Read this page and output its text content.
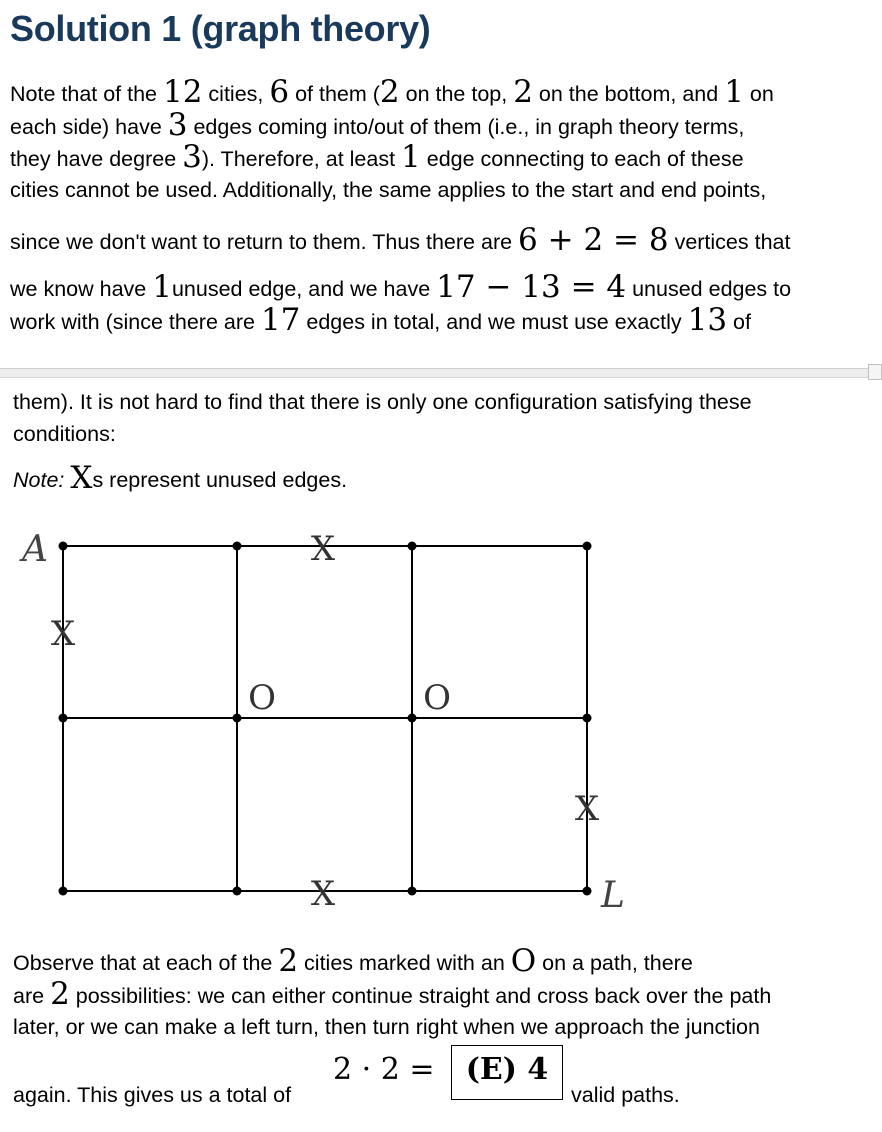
Solution 1 (graph theory)
Note that of the 12 cities, 6 of them (2 on the top, 2 on the bottom, and 1 on
each side) have 3 edges coming into/out of them (i.e., in graph theory terms,
they have degree 3). Therefore, at least 1 edge connecting to each of these
cities cannot be used. Additionally, the same applies to the start and end points,
since we don't want to return to them. Thus there are 6 + 2 = 8 vertices that
we know have 1unused edge, and we have 17 − 13 = 4 unused edges to
work with (since there are 17 edges in total, and we must use exactly 13 of
them). It is not hard to find that there is only one configuration satisfying these
conditions:
Note: Xs represent unused edges.
A
L
X
X
X
X
O	O
Observe that at each of the 2 cities marked with an O on a path, there
are 2 possibilities: we can either continue straight and cross back over the path
later, or we can make a left turn, then turn right when we approach the junction
again. This gives us a total of
2 · 2 =	(E) 4
valid paths.
